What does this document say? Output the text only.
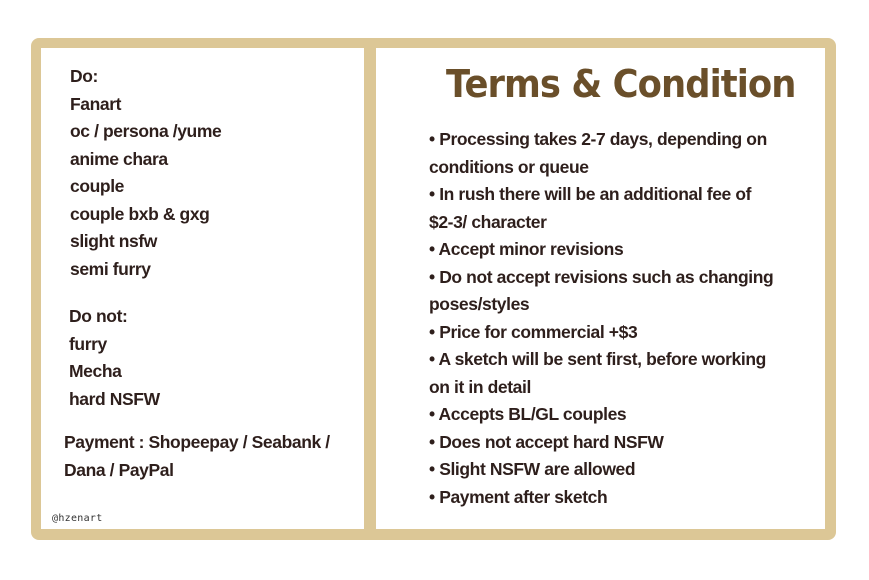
Do:
Fanart
oc / persona /yume
anime chara
couple
couple bxb & gxg
slight nsfw
semi furry
Do not:
furry
Mecha
hard NSFW
Payment : Shopeepay / Seabank /
Dana / PayPal
@hzenart
Terms & Condition
• Processing takes 2-7 days, depending on
conditions or queue
• In rush there will be an additional fee of
$2-3/ character
• Accept minor revisions
• Do not accept revisions such as changing
poses/styles
• Price for commercial +$3
• A sketch will be sent first, before working
on it in detail
• Accepts BL/GL couples
• Does not accept hard NSFW
• Slight NSFW are allowed
• Payment after sketch
